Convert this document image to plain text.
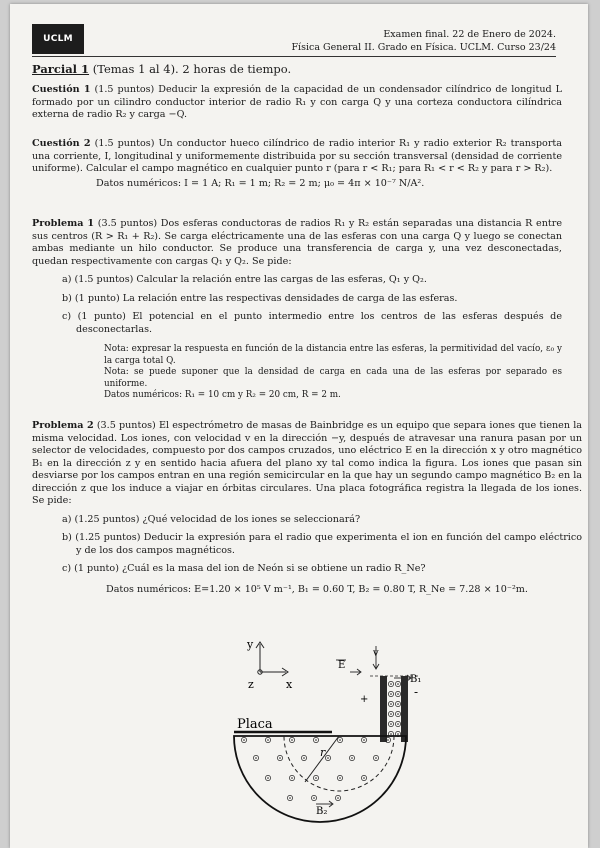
UCLM	Examen final. 22 de Enero de 2024.
Física General II. Grado en Física. UCLM. Curso 23/24
Parcial 1 (Temas 1 al 4). 2 horas de tiempo.
Cuestión 1 (1.5 puntos) Deducir la expresión de la capacidad de un condensador cilíndrico de longitud L formado por un cilindro conductor interior de radio R₁ y con carga Q y una corteza conductora cilíndrica externa de radio R₂ y carga −Q.
Cuestión 2 (1.5 puntos) Un conductor hueco cilíndrico de radio interior R₁ y radio exterior R₂ transporta una corriente, I, longitudinal y uniformemente distribuida por su sección transversal (densidad de corriente uniforme). Calcular el campo magnético en cualquier punto r (para r < R₁; para R₁ < r < R₂ y para r > R₂).
Datos numéricos: I = 1 A; R₁ = 1 m; R₂ = 2 m; μ₀ = 4π × 10⁻⁷ N/A².
Problema 1 (3.5 puntos) Dos esferas conductoras de radios R₁ y R₂ están separadas una distancia R entre sus centros (R > R₁ + R₂). Se carga eléctricamente una de las esferas con una carga Q y luego se conectan ambas mediante un hilo conductor. Se produce una transferencia de carga y, una vez desconectadas, quedan respectivamente con cargas Q₁ y Q₂. Se pide:
a) (1.5 puntos) Calcular la relación entre las cargas de las esferas, Q₁ y Q₂.
b) (1 punto) La relación entre las respectivas densidades de carga de las esferas.
c) (1 punto) El potencial en el punto intermedio entre los centros de las esferas después de desconectarlas.
Nota: expresar la respuesta en función de la distancia entre las esferas, la permitividad del vacío, ε₀ y la carga total Q.
Nota: se puede suponer que la densidad de carga en cada una de las esferas por separado es uniforme.
Datos numéricos: R₁ = 10 cm y R₂ = 20 cm, R = 2 m.
Problema 2 (3.5 puntos) El espectrómetro de masas de Bainbridge es un equipo que separa iones que tienen la misma velocidad. Los iones, con velocidad v en la dirección −y, después de atravesar una ranura pasan por un selector de velocidades, compuesto por dos campos cruzados, uno eléctrico E en la dirección x y otro magnético B₁ en la dirección z y en sentido hacia afuera del plano xy tal como indica la figura. Los iones que pasan sin desviarse por los campos entran en una región semicircular en la que hay un segundo campo magnético B₂ en la dirección z que los induce a viajar en órbitas circulares. Una placa fotográfica registra la llegada de los iones. Se pide:
a) (1.25 puntos) ¿Qué velocidad de los iones se seleccionará?
b) (1.25 puntos) Deducir la expresión para el radio que experimenta el ion en función del campo eléctrico y de los dos campos magnéticos.
c) (1 punto) ¿Cuál es la masa del ion de Neón si se obtiene un radio R_Ne?
Datos numéricos: E=1.20 × 10⁵ V m⁻¹, B₁ = 0.60 T, B₂ = 0.80 T, R_Ne = 7.28 × 10⁻²m.
y
z	x
E
v
B₁
+
-
Placa
r
B₂
